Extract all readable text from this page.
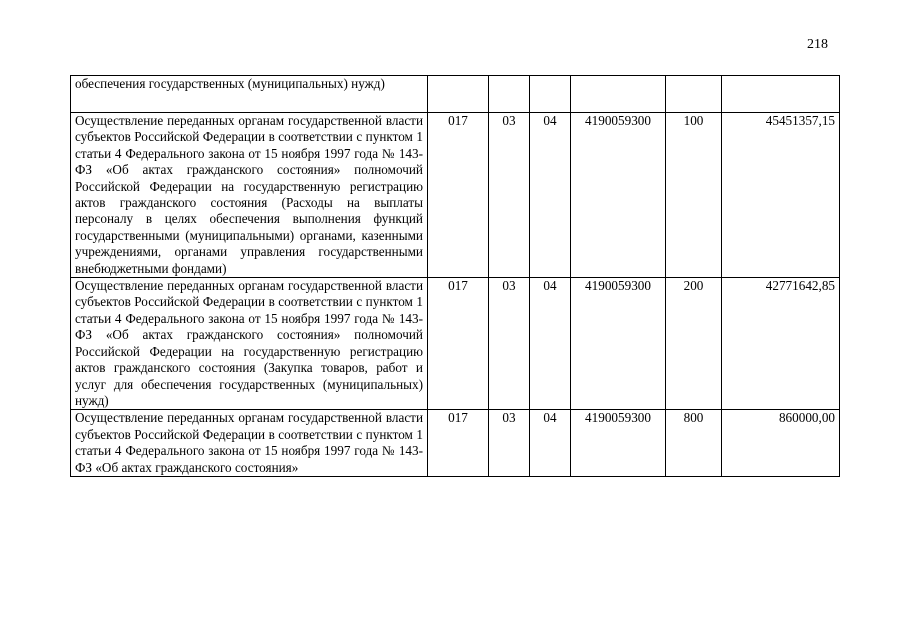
218
обеспечения государственных (муниципальных) нужд)						
Осуществление переданных органам государственной власти субъектов Российской Федерации в соответствии с пунктом 1 статьи 4 Федерального закона от 15 ноября 1997 года № 143-ФЗ «Об актах гражданского состояния» полномочий Российской Федерации на государственную регистрацию актов гражданского состояния (Расходы на выплаты персоналу в целях обеспечения выполнения функций государственными (муниципальными) органами, казенными учреждениями, органами управления государственными внебюджетными фондами)	017	03	04	4190059300	100	45451357,15
Осуществление переданных органам государственной власти субъектов Российской Федерации в соответствии с пунктом 1 статьи 4 Федерального закона от 15 ноября 1997 года № 143-ФЗ «Об актах гражданского состояния» полномочий Российской Федерации на государственную регистрацию актов гражданского состояния (Закупка товаров, работ и услуг для обеспечения государственных (муниципальных) нужд)	017	03	04	4190059300	200	42771642,85
Осуществление переданных органам государственной власти субъектов Российской Федерации в соответствии с пунктом 1 статьи 4 Федерального закона от 15 ноября 1997 года № 143-ФЗ «Об актах гражданского состояния»	017	03	04	4190059300	800	860000,00
